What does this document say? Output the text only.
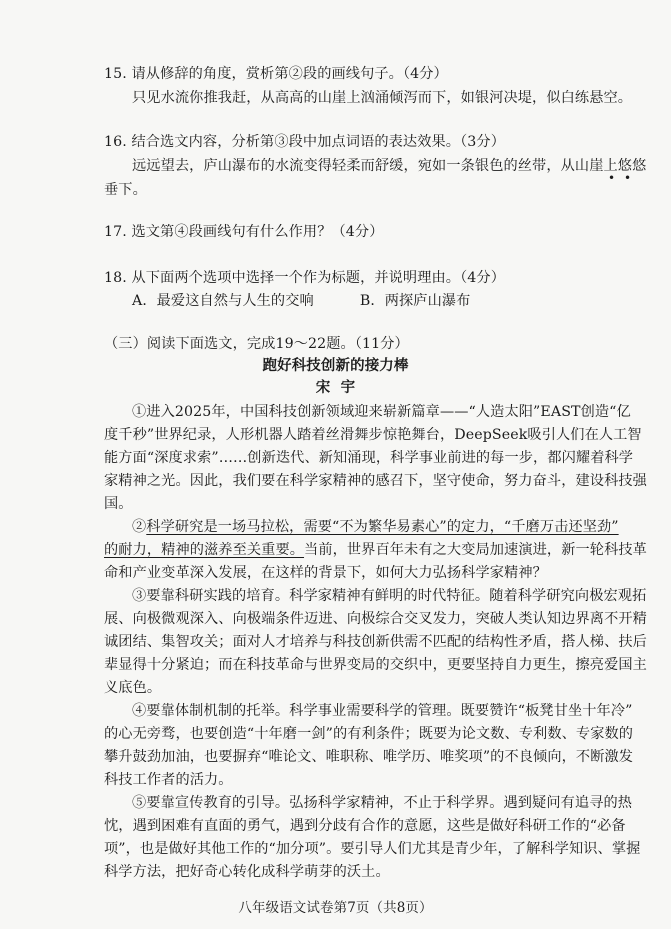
15. 请从修辞的角度，赏析第②段的画线句子。（4分）
只见水流你推我赶，从高高的山崖上汹涌倾泻而下，如银河决堤，似白练悬空。
16. 结合选文内容，分析第③段中加点词语的表达效果。（3分）
远远望去，庐山瀑布的水流变得轻柔而舒缓，宛如一条银色的丝带，从山崖上悠悠
• •
垂下。
17. 选文第④段画线句有什么作用？（4分）
18. 从下面两个选项中选择一个作为标题，并说明理由。（4分）
A．最爱这自然与人生的交响          B．两探庐山瀑布
（三）阅读下面选文，完成19～22题。（11分）
跑好科技创新的接力棒
宋  宇
①进入2025年，中国科技创新领域迎来崭新篇章——“人造太阳”EAST创造“亿
度千秒”世界纪录，人形机器人踏着丝滑舞步惊艳舞台，DeepSeek吸引人们在人工智
能方面“深度求索”……创新迭代、新知涌现，科学事业前进的每一步，都闪耀着科学
家精神之光。因此，我们要在科学家精神的感召下，坚守使命，努力奋斗，建设科技强
国。
②科学研究是一场马拉松，需要“不为繁华易素心”的定力，“千磨万击还坚劲”
的耐力，精神的滋养至关重要。当前，世界百年未有之大变局加速演进，新一轮科技革
命和产业变革深入发展，在这样的背景下，如何大力弘扬科学家精神？
③要靠科研实践的培育。科学家精神有鲜明的时代特征。随着科学研究向极宏观拓
展、向极微观深入、向极端条件迈进、向极综合交叉发力，突破人类认知边界离不开精
诚团结、集智攻关；面对人才培养与科技创新供需不匹配的结构性矛盾，搭人梯、扶后
辈显得十分紧迫；而在科技革命与世界变局的交织中，更要坚持自力更生，擦亮爱国主
义底色。
④要靠体制机制的托举。科学事业需要科学的管理。既要赞许“板凳甘坐十年冷”
的心无旁骛，也要创造“十年磨一剑”的有利条件；既要为论文数、专利数、专家数的
攀升鼓劲加油，也要摒弃“唯论文、唯职称、唯学历、唯奖项”的不良倾向，不断激发
科技工作者的活力。
⑤要靠宣传教育的引导。弘扬科学家精神，不止于科学界。遇到疑问有追寻的热
忱，遇到困难有直面的勇气，遇到分歧有合作的意愿，这些是做好科研工作的“必备
项”，也是做好其他工作的“加分项”。要引导人们尤其是青少年，了解科学知识、掌握
科学方法，把好奇心转化成科学萌芽的沃土。
八年级语文试卷第7页（共8页）
